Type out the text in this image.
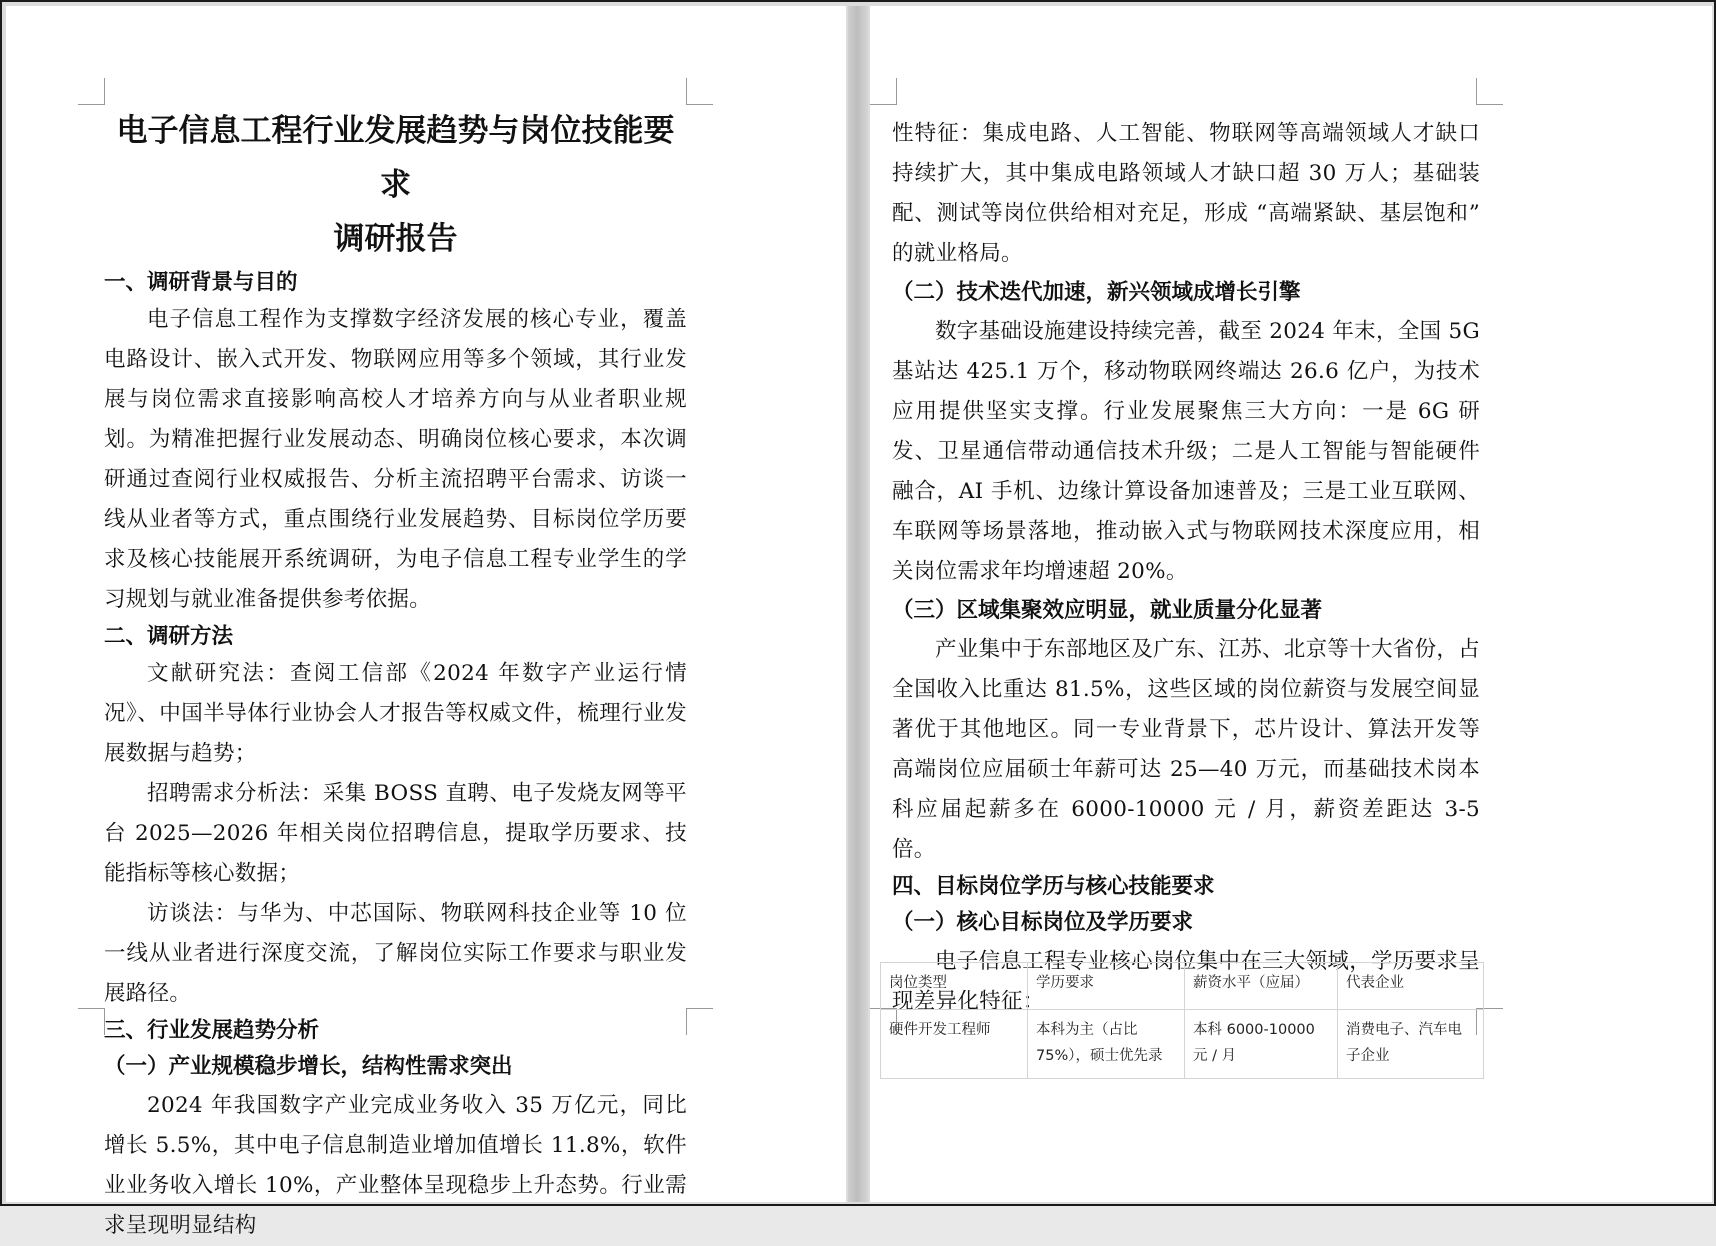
电子信息工程行业发展趋势与岗位技能要求
调研报告
一、调研背景与目的
电子信息工程作为支撑数字经济发展的核心专业，覆盖电路设计、嵌入式开发、物联网应用等多个领域，其行业发展与岗位需求直接影响高校人才培养方向与从业者职业规划。为精准把握行业发展动态、明确岗位核心要求，本次调研通过查阅行业权威报告、分析主流招聘平台需求、访谈一线从业者等方式，重点围绕行业发展趋势、目标岗位学历要求及核心技能展开系统调研，为电子信息工程专业学生的学习规划与就业准备提供参考依据。
二、调研方法
文献研究法：查阅工信部《2024 年数字产业运行情况》、中国半导体行业协会人才报告等权威文件，梳理行业发展数据与趋势；
招聘需求分析法：采集 BOSS 直聘、电子发烧友网等平台 2025—2026 年相关岗位招聘信息，提取学历要求、技能指标等核心数据；
访谈法：与华为、中芯国际、物联网科技企业等 10 位一线从业者进行深度交流，了解岗位实际工作要求与职业发展路径。
三、行业发展趋势分析
（一）产业规模稳步增长，结构性需求突出
2024 年我国数字产业完成业务收入 35 万亿元，同比增长 5.5%，其中电子信息制造业增加值增长 11.8%，软件业业务收入增长 10%，产业整体呈现稳步上升态势。行业需求呈现明显结构
性特征：集成电路、人工智能、物联网等高端领域人才缺口持续扩大，其中集成电路领域人才缺口超 30 万人；基础装配、测试等岗位供给相对充足，形成 “高端紧缺、基层饱和” 的就业格局。
（二）技术迭代加速，新兴领域成增长引擎
数字基础设施建设持续完善，截至 2024 年末，全国 5G 基站达 425.1 万个，移动物联网终端达 26.6 亿户，为技术应用提供坚实支撑。行业发展聚焦三大方向：一是 6G 研发、卫星通信带动通信技术升级；二是人工智能与智能硬件融合，AI 手机、边缘计算设备加速普及；三是工业互联网、车联网等场景落地，推动嵌入式与物联网技术深度应用，相关岗位需求年均增速超 20%。
（三）区域集聚效应明显，就业质量分化显著
产业集中于东部地区及广东、江苏、北京等十大省份，占全国收入比重达 81.5%，这些区域的岗位薪资与发展空间显著优于其他地区。同一专业背景下，芯片设计、算法开发等高端岗位应届硕士年薪可达 25—40 万元，而基础技术岗本科应届起薪多在 6000-10000 元 / 月，薪资差距达 3-5 倍。
四、目标岗位学历与核心技能要求
（一）核心目标岗位及学历要求
电子信息工程专业核心岗位集中在三大领域，学历要求呈现差异化特征：
岗位类型	学历要求	薪资水平（应届）	代表企业
硬件开发工程师	本科为主（占比 75%），硕士优先录	本科 6000-10000 元 / 月	消费电子、汽车电子企业
